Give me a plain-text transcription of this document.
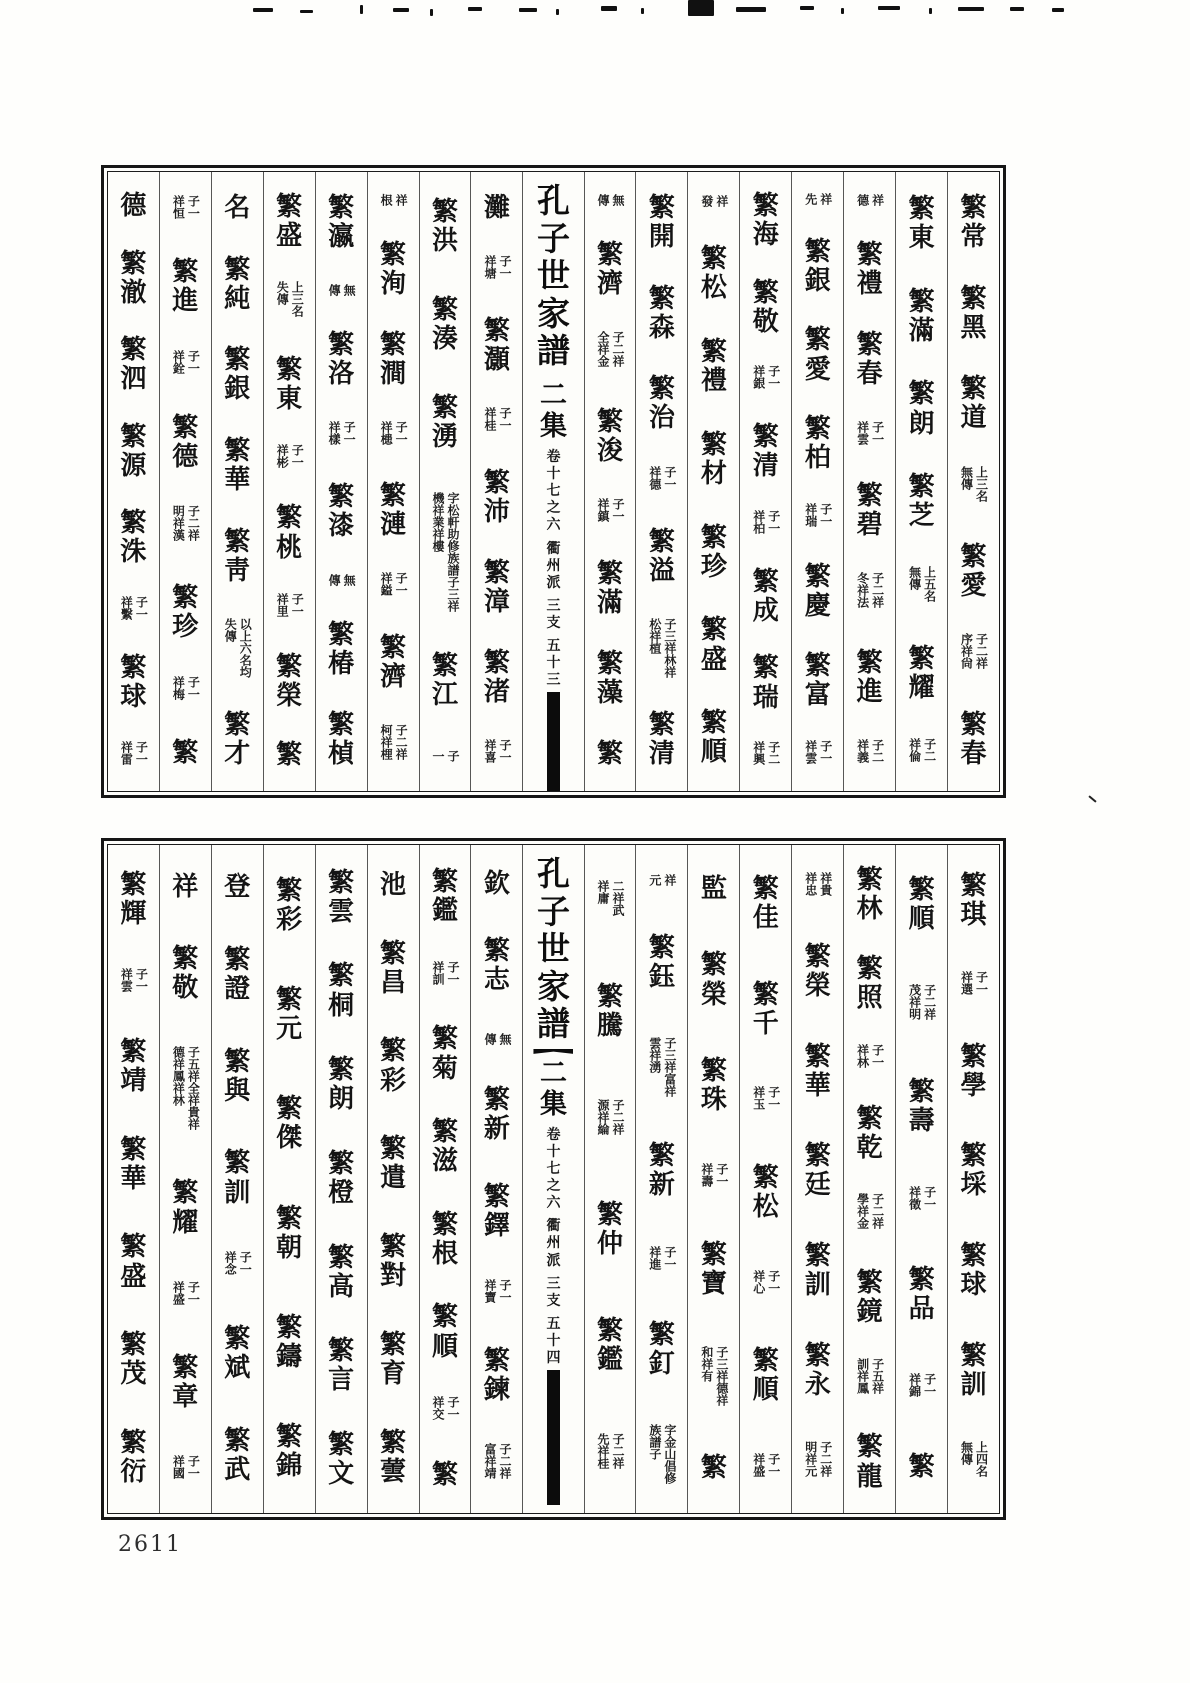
繁常
繁黑
繁道
上三名無傳
繁愛
子二祥序祥尙
繁春
繁東
繁滿
繁朗
繁芝
上五名無傳
繁耀
子二祥倫
祥德
繁禮
繁春
子一祥雲
繁碧
子二祥冬祥法
繁進
子二祥義
祥先
繁銀
繁愛
繁柏
子一祥瑞
繁慶
繁富
子一祥雲
繁海
繁敬
子一祥銀
繁清
子一祥柏
繁成
繁瑞
子二祥興
祥發
繁松
繁禮
繁材
繁珍
繁盛
繁順
繁開
繁森
繁治
子一祥德
繁溢
子三祥林祥松祥植
繁清
無傳
繁濟
子二祥全祥金
繁浚
子一祥鎮
繁滿
繁藻
繁
孔子世家譜
二集
卷十七之六
衢州派
三支
五十三
灘
子一祥塘
繁灝
子一祥桂
繁沛
繁漳
繁渚
子一祥喜
繁洪
繁湊
繁湧
字松軒助修族譜子三祥機祥業祥樓
繁江
子一
祥根
繁洵
繁澗
子一祥槵
繁漣
子一祥鎰
繁濟
子二祥柯祥梩
繁瀛
無傳
繁洛
子一祥樣
繁漆
無傳
繁椿
繁楨
繁盛
上三名失傳
繁東
子一祥彬
繁桃
子一祥里
繁榮
繁
名
繁純
繁銀
繁華
繁靑
以上六名均失傳
繁才
子一祥恒
繁進
子一祥銓
繁德
子二祥明祥漢
繁珍
子一祥梅
繁
德
繁澈
繁泗
繁源
繁洙
子一祥繫
繁球
子一祥雷
繁琪
子一祥選
繁學
繁埰
繁球
繁訓
上四名無傳
繁順
子二祥茂祥明
繁壽
子一祥徵
繁品
子一祥錦
繁
繁林
繁照
子一祥林
繁乾
子二祥學祥金
繁鏡
子五祥訓祥鳳
繁龍
祥貴祥忠
繁榮
繁華
繁廷
繁訓
繁永
子二祥明祥元
繁佳
繁千
子一祥玉
繁松
子一祥心
繁順
子一祥盛
監
繁榮
繁珠
子一祥壽
繁寶
子三祥德祥和祥有
繁
祥元
繁鈺
子三祥富祥雲祥湧
繁新
子一祥進
繁釘
字金山倡修族譜子
二祥武祥庸
繁騰
子二祥源祥綸
繁仲
繁鑑
子二祥先祥桂
孔子世家譜
二集
卷十七之六
衢州派
三支
五十四
欽
繁志
無傳
繁新
繁鐸
子一祥寶
繁鍊
子二祥富祥靖
繁鑑
子一祥訓
繁菊
繁滋
繁根
繁順
子一祥交
繁
池
繁昌
繁彩
繁遣
繁對
繁育
繁蕓
繁雲
繁桐
繁朗
繁橙
繁高
繁言
繁文
繁彩
繁元
繁傑
繁朝
繁鑄
繁錦
登
繁證
繁與
繁訓
子一祥念
繁斌
繁武
祥
繁敬
子五祥全祥貴祥德祥鳳祥林
繁耀
子一祥盛
繁章
子一祥國
繁輝
子一祥雲
繁靖
繁華
繁盛
繁茂
繁衍
2611
